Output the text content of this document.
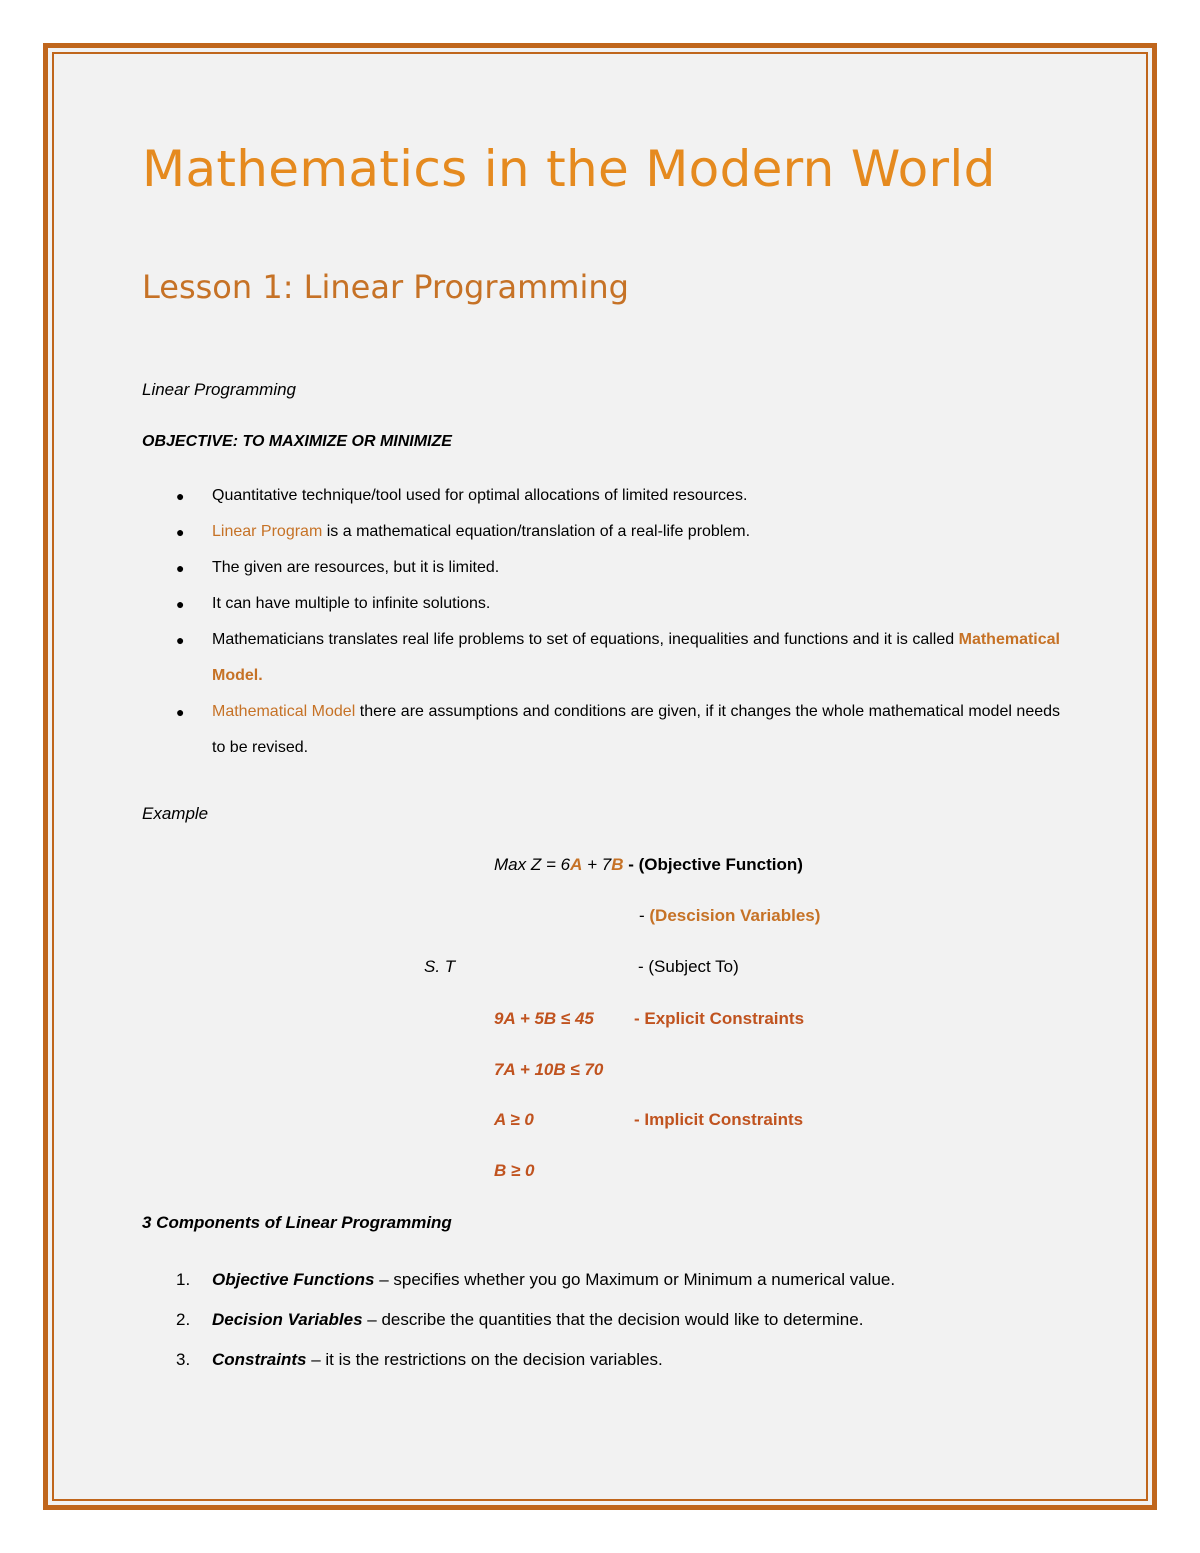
Mathematics in the Modern World
Lesson 1: Linear Programming
Linear Programming
OBJECTIVE: TO MAXIMIZE OR MINIMIZE
● Quantitative technique/tool used for optimal allocations of limited resources.
● Linear Program is a mathematical equation/translation of a real-life problem.
● The given are resources, but it is limited.
● It can have multiple to infinite solutions.
● Mathematicians translates real life problems to set of equations, inequalities and functions and it is called Mathematical Model.
● Mathematical Model there are assumptions and conditions are given, if it changes the whole mathematical model needs to be revised.
Example
Max Z = 6A + 7B - (Objective Function)
- (Descision Variables)
S. T	- (Subject To)
9A + 5B ≤ 45 - Explicit Constraints
7A + 10B ≤ 70
A ≥ 0	- Implicit Constraints
B ≥ 0
3 Components of Linear Programming
1. Objective Functions – specifies whether you go Maximum or Minimum a numerical value.
2. Decision Variables – describe the quantities that the decision would like to determine.
3. Constraints – it is the restrictions on the decision variables.
